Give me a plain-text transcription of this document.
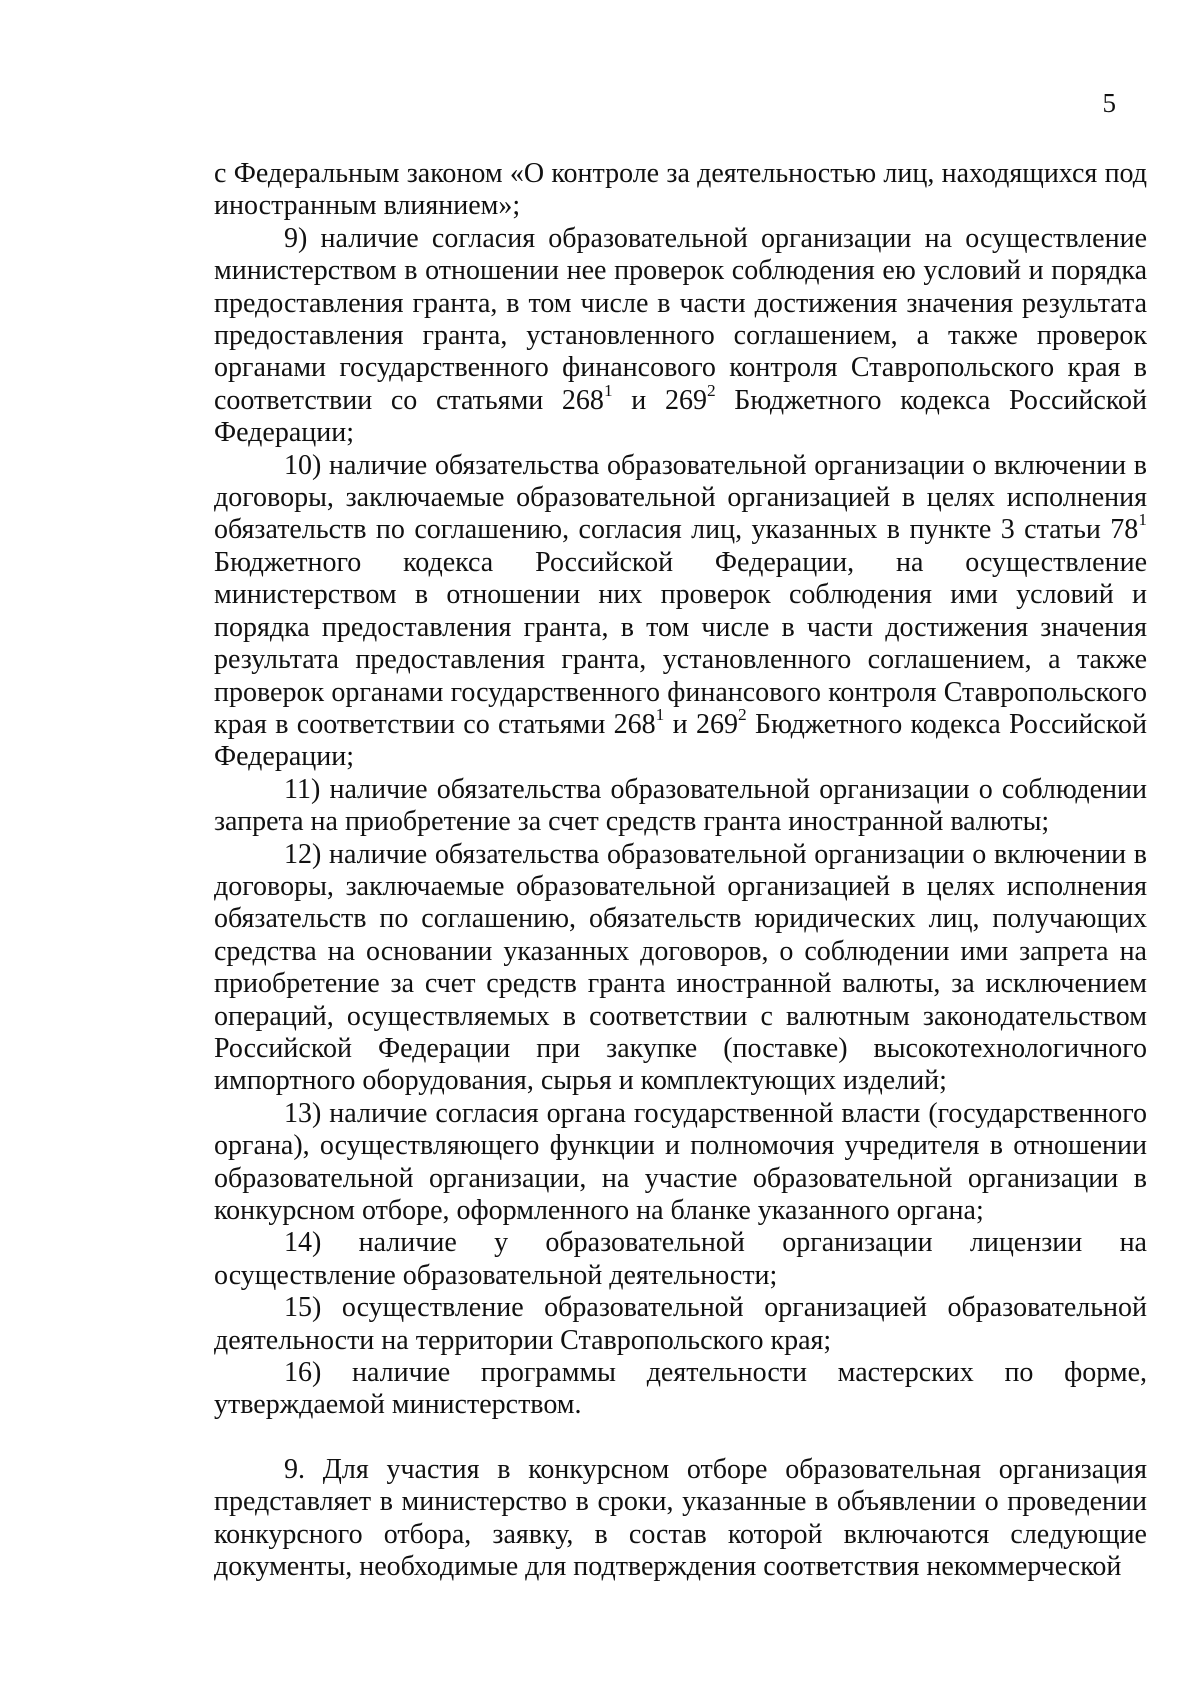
5

с Федеральным законом «О контроле за деятельностью лиц, находящихся под иностранным влиянием»;

9) наличие согласия образовательной организации на осуществление министерством в отношении нее проверок соблюдения ею условий и порядка предоставления гранта, в том числе в части достижения значения результата предоставления гранта, установленного соглашением, а также проверок органами государственного финансового контроля Ставропольского края в соответствии со статьями $268^1$ и $269^2$ Бюджетного кодекса Российской Федерации;

10) наличие обязательства образовательной организации о включении в договоры, заключаемые образовательной организацией в целях исполнения обязательств по соглашению, согласия лиц, указанных в пункте 3 статьи $78^1$ Бюджетного кодекса Российской Федерации, на осуществление министерством в отношении них проверок соблюдения ими условий и порядка предоставления гранта, в том числе в части достижения значения результата предоставления гранта, установленного соглашением, а также проверок органами государственного финансового контроля Ставропольского края в соответствии со статьями $268^1$ и $269^2$ Бюджетного кодекса Российской Федерации;

11) наличие обязательства образовательной организации о соблюдении запрета на приобретение за счет средств гранта иностранной валюты;

12) наличие обязательства образовательной организации о включении в договоры, заключаемые образовательной организацией в целях исполнения обязательств по соглашению, обязательств юридических лиц, получающих средства на основании указанных договоров, о соблюдении ими запрета на приобретение за счет средств гранта иностранной валюты, за исключением операций, осуществляемых в соответствии с валютным законодательством Российской Федерации при закупке (поставке) высокотехнологичного импортного оборудования, сырья и комплектующих изделий;

13) наличие согласия органа государственной власти (государственного органа), осуществляющего функции и полномочия учредителя в отношении образовательной организации, на участие образовательной организации в конкурсном отборе, оформленного на бланке указанного органа;

14) наличие у образовательной организации лицензии на осуществление образовательной деятельности;

15) осуществление образовательной организацией образовательной деятельности на территории Ставропольского края;

16) наличие программы деятельности мастерских по форме, утверждаемой министерством.

9. Для участия в конкурсном отборе образовательная организация представляет в министерство в сроки, указанные в объявлении о проведении конкурсного отбора, заявку, в состав которой включаются следующие документы, необходимые для подтверждения соответствия некоммерческой
